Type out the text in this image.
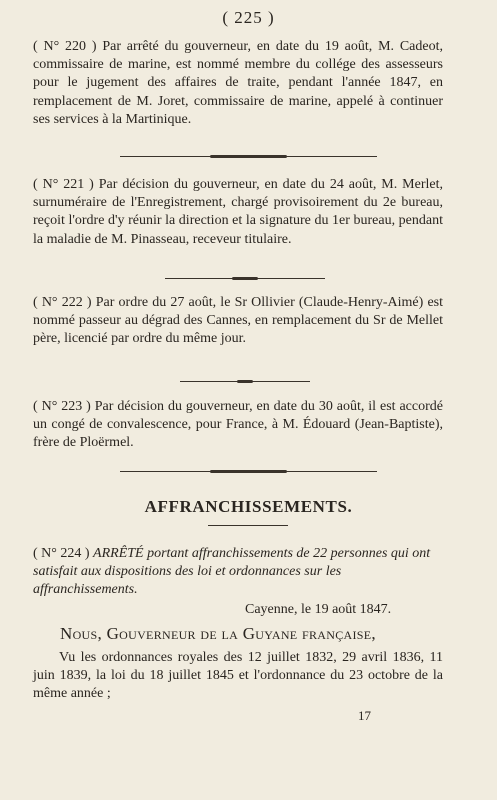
( 225 )
( N° 220 ) Par arrêté du gouverneur, en date du 19 août, M. Cadeot, commissaire de marine, est nommé membre du collége des assesseurs pour le jugement des affaires de traite, pendant l'année 1847, en remplacement de M. Joret, commissaire de marine, appelé à continuer ses services à la Martinique.
( N° 221 ) Par décision du gouverneur, en date du 24 août, M. Merlet, surnuméraire de l'Enregistrement, chargé provisoirement du 2e bureau, reçoit l'ordre d'y réunir la direction et la signature du 1er bureau, pendant la maladie de M. Pinasseau, receveur titulaire.
( N° 222 ) Par ordre du 27 août, le Sr Ollivier (Claude-Henry-Aimé) est nommé passeur au dégrad des Cannes, en remplacement du Sr de Mellet père, licencié par ordre du même jour.
( N° 223 ) Par décision du gouverneur, en date du 30 août, il est accordé un congé de convalescence, pour France, à M. Édouard (Jean-Baptiste), frère de Ploërmel.
AFFRANCHISSEMENTS.
( N° 224 ) ARRÊTÉ portant affranchissements de 22 personnes qui ont satisfait aux dispositions des loi et ordonnances sur les affranchissements.
Cayenne, le 19 août 1847.
Nous, Gouverneur de la Guyane française,
Vu les ordonnances royales des 12 juillet 1832, 29 avril 1836, 11 juin 1839, la loi du 18 juillet 1845 et l'ordonnance du 23 octobre de la même année ;
17
